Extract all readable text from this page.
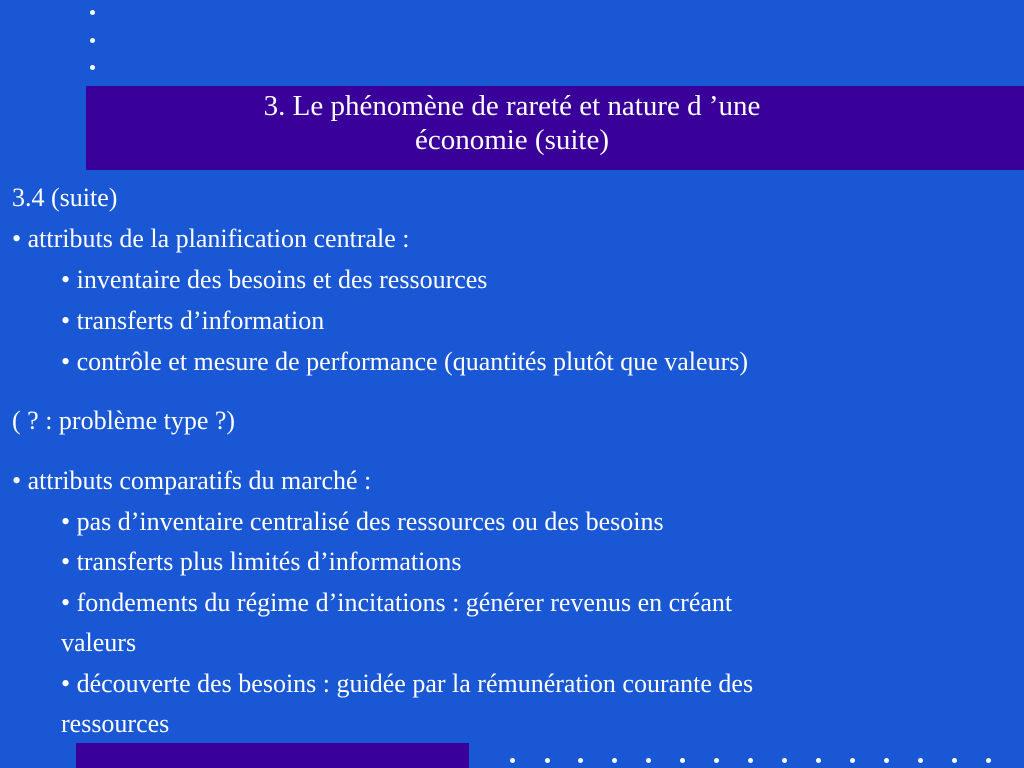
3. Le phénomène de rareté et nature d ’une
économie (suite)
3.4 (suite)
• attributs de la planification centrale :
• inventaire des besoins et des ressources
• transferts d’information
• contrôle et mesure de performance (quantités plutôt que valeurs)
( ? : problème type ?)
• attributs comparatifs du marché :
• pas d’inventaire centralisé des ressources ou des besoins
• transferts plus limités d’informations
• fondements du régime d’incitations : générer revenus en créant
valeurs
• découverte des besoins : guidée par la rémunération courante des
ressources
